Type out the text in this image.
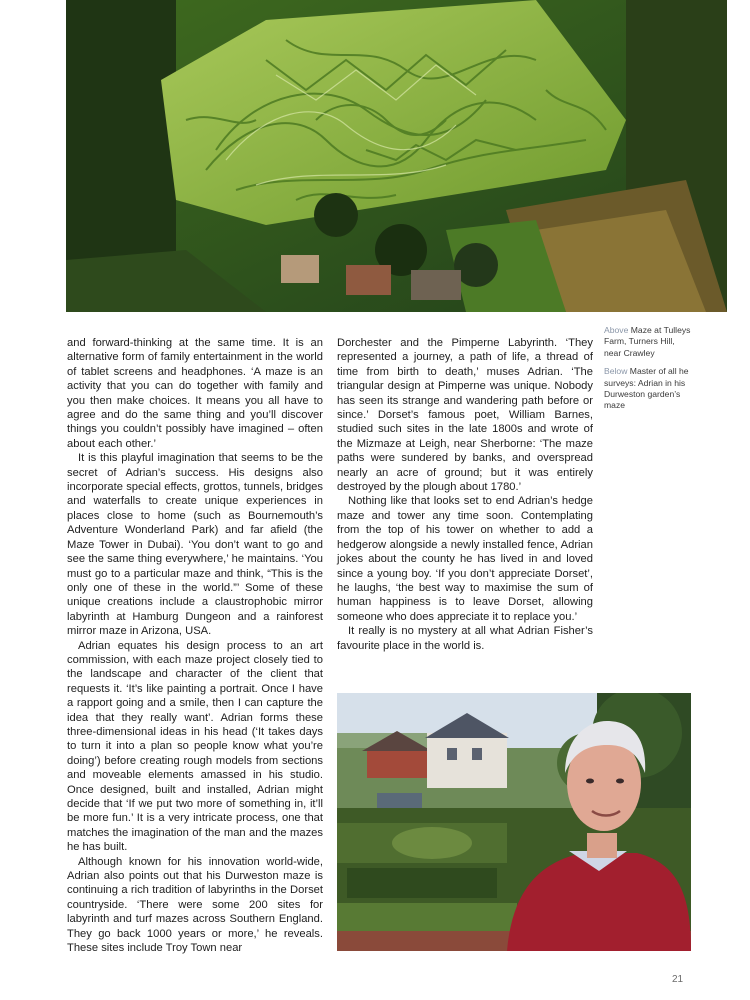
and forward-thinking at the same time. It is an alternative form of family entertainment in the world of tablet screens and headphones. ‘A maze is an activity that you can do together with family and you then make choices. It means you all have to agree and do the same thing and you’ll discover things you couldn’t possibly have imagined – often about each other.’

It is this playful imagination that seems to be the secret of Adrian’s success. His designs also incorporate special effects, grottos, tunnels, bridges and waterfalls to create unique experiences in places close to home (such as Bournemouth’s Adventure Wonderland Park) and far afield (the Maze Tower in Dubai). ‘You don’t want to go and see the same thing everywhere,’ he maintains. ‘You must go to a particular maze and think, “This is the only one of these in the world.”’ Some of these unique creations include a claustrophobic mirror labyrinth at Hamburg Dungeon and a rainforest mirror maze in Arizona, USA.

Adrian equates his design process to an art commission, with each maze project closely tied to the landscape and character of the client that requests it. ‘It’s like painting a portrait. Once I have a rapport going and a smile, then I can capture the idea that they really want’. Adrian forms these three-dimensional ideas in his head (‘It takes days to turn it into a plan so people know what you’re doing’) before creating rough models from sections and moveable elements amassed in his studio. Once designed, built and installed, Adrian might decide that ‘If we put two more of something in, it’ll be more fun.’ It is a very intricate process, one that matches the imagination of the man and the mazes he has built.

Although known for his innovation world-wide, Adrian also points out that his Durweston maze is continuing a rich tradition of labyrinths in the Dorset countryside. ‘There were some 200 sites for labyrinth and turf mazes across Southern England. They go back 1000 years or more,’ he reveals. These sites include Troy Town near

Dorchester and the Pimperne Labyrinth. ‘They represented a journey, a path of life, a thread of time from birth to death,’ muses Adrian. ‘The triangular design at Pimperne was unique. Nobody has seen its strange and wandering path before or since.’ Dorset’s famous poet, William Barnes, studied such sites in the late 1800s and wrote of the Mizmaze at Leigh, near Sherborne: ‘The maze paths were sundered by banks, and overspread nearly an acre of ground; but it was entirely destroyed by the plough about 1780.’

Nothing like that looks set to end Adrian’s hedge maze and tower any time soon. Contemplating from the top of his tower on whether to add a hedgerow alongside a newly installed fence, Adrian jokes about the county he has lived in and loved since a young boy. ‘If you don’t appreciate Dorset’, he laughs, ‘the best way to maximise the sum of human happiness is to leave Dorset, allowing someone who does appreciate it to replace you.’

It really is no mystery at all what Adrian Fisher’s favourite place in the world is.

Above Maze at Tulleys Farm, Turners Hill, near Crawley

Below Master of all he surveys: Adrian in his Durweston garden’s maze

21
